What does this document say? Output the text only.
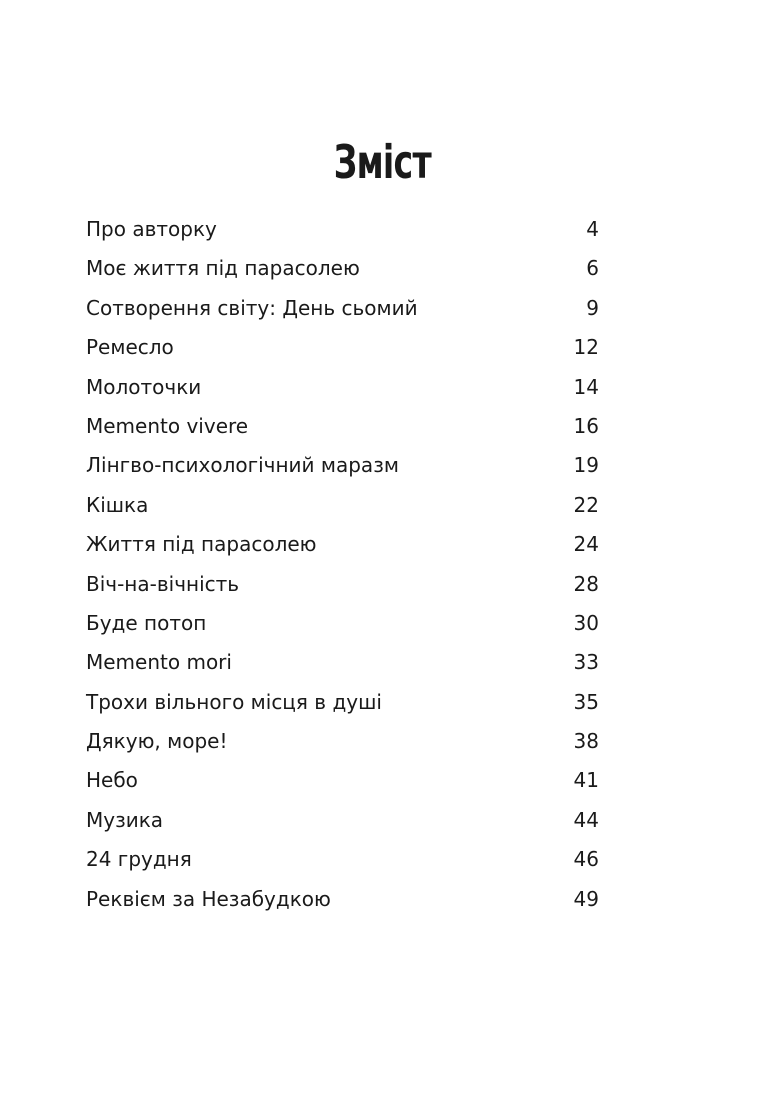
Зміст
Про авторку	4
Моє життя під парасолею	6
Сотворення світу: День сьомий	9
Ремесло	12
Молоточки	14
Memento vivere	16
Лінгво-психологічний маразм	19
Кішка	22
Життя під парасолею	24
Віч-на-вічність	28
Буде потоп	30
Memento mori	33
Трохи вільного місця в душі	35
Дякую, море!	38
Небо	41
Музика	44
24 грудня	46
Реквієм за Незабудкою	49
